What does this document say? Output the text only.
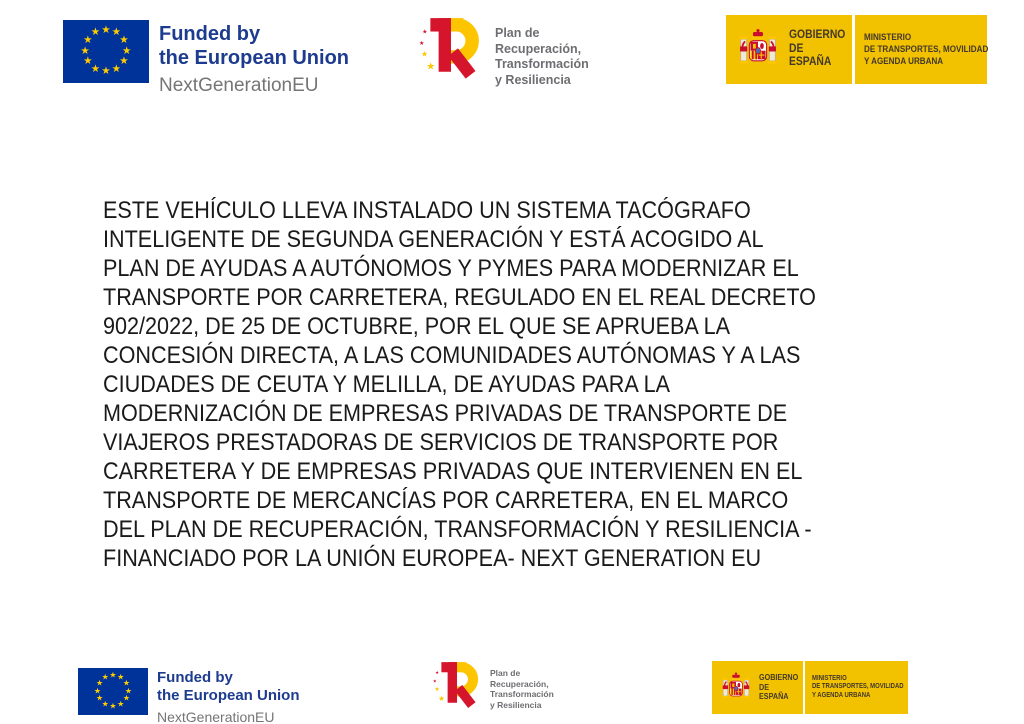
★ ★
★
★
★
★
★
★
★
★
★
★	Funded by
the European Union
NextGenerationEU
Plan de
Recuperación,
Transformación
y Resiliencia
GOBIERNO
DE ESPAÑA
MINISTERIO
DE TRANSPORTES, MOVILIDAD
Y AGENDA URBANA
ESTE VEHÍCULO LLEVA INSTALADO UN SISTEMA TACÓGRAFO
INTELIGENTE DE SEGUNDA GENERACIÓN Y ESTÁ ACOGIDO AL
PLAN DE AYUDAS A AUTÓNOMOS Y PYMES PARA MODERNIZAR EL
TRANSPORTE POR CARRETERA, REGULADO EN EL REAL DECRETO
902/2022, DE 25 DE OCTUBRE, POR EL QUE SE APRUEBA LA
CONCESIÓN DIRECTA, A LAS COMUNIDADES AUTÓNOMAS Y A LAS
CIUDADES DE CEUTA Y MELILLA, DE AYUDAS PARA LA
MODERNIZACIÓN DE EMPRESAS PRIVADAS DE TRANSPORTE DE
VIAJEROS PRESTADORAS DE SERVICIOS DE TRANSPORTE POR
CARRETERA Y DE EMPRESAS PRIVADAS QUE INTERVIENEN EN EL
TRANSPORTE DE MERCANCÍAS POR CARRETERA, EN EL MARCO
DEL PLAN DE RECUPERACIÓN, TRANSFORMACIÓN Y RESILIENCIA -
FINANCIADO POR LA UNIÓN EUROPEA- NEXT GENERATION EU
★ ★
★
★
★
★
★
★
★
★
★
★	Funded by
the European Union
NextGenerationEU
Plan de
Recuperación,
Transformación
y Resiliencia
GOBIERNO
DE ESPAÑA
MINISTERIO
DE TRANSPORTES, MOVILIDAD
Y AGENDA URBANA
